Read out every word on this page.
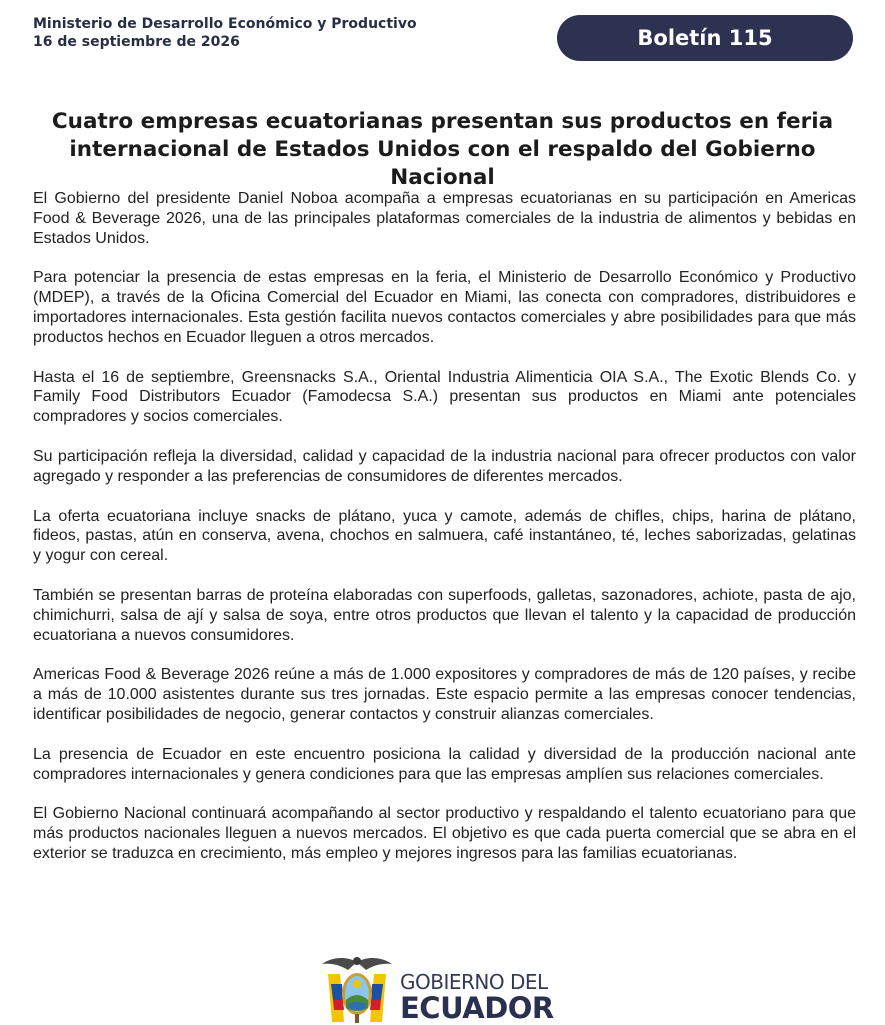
Ministerio de Desarrollo Económico y Productivo
16 de septiembre de 2026	Boletín 115
Cuatro empresas ecuatorianas presentan sus productos en feria
internacional de Estados Unidos con el respaldo del Gobierno Nacional

El Gobierno del presidente Daniel Noboa acompaña a empresas ecuatorianas en su participación en Americas Food & Beverage 2026, una de las principales plataformas comerciales de la industria de alimentos y bebidas en Estados Unidos.

Para potenciar la presencia de estas empresas en la feria, el Ministerio de Desarrollo Económico y Productivo (MDEP), a través de la Oficina Comercial del Ecuador en Miami, las conecta con compradores, distribuidores e importadores internacionales. Esta gestión facilita nuevos contactos comerciales y abre posibilidades para que más productos hechos en Ecuador lleguen a otros mercados.

Hasta el 16 de septiembre, Greensnacks S.A., Oriental Industria Alimenticia OIA S.A., The Exotic Blends Co. y Family Food Distributors Ecuador (Famodecsa S.A.) presentan sus productos en Miami ante potenciales compradores y socios comerciales.

Su participación refleja la diversidad, calidad y capacidad de la industria nacional para ofrecer productos con valor agregado y responder a las preferencias de consumidores de diferentes mercados.

La oferta ecuatoriana incluye snacks de plátano, yuca y camote, además de chifles, chips, harina de plátano, fideos, pastas, atún en conserva, avena, chochos en salmuera, café instantáneo, té, leches saborizadas, gelatinas y yogur con cereal.

También se presentan barras de proteína elaboradas con superfoods, galletas, sazonadores, achiote, pasta de ajo, chimichurri, salsa de ají y salsa de soya, entre otros productos que llevan el talento y la capacidad de producción ecuatoriana a nuevos consumidores.

Americas Food & Beverage 2026 reúne a más de 1.000 expositores y compradores de más de 120 países, y recibe a más de 10.000 asistentes durante sus tres jornadas. Este espacio permite a las empresas conocer tendencias, identificar posibilidades de negocio, generar contactos y construir alianzas comerciales.

La presencia de Ecuador en este encuentro posiciona la calidad y diversidad de la producción nacional ante compradores internacionales y genera condiciones para que las empresas amplíen sus relaciones comerciales.

El Gobierno Nacional continuará acompañando al sector productivo y respaldando el talento ecuatoriano para que más productos nacionales lleguen a nuevos mercados. El objetivo es que cada puerta comercial que se abra en el exterior se traduzca en crecimiento, más empleo y mejores ingresos para las familias ecuatorianas.

GOBIERNO DEL
ECUADOR
